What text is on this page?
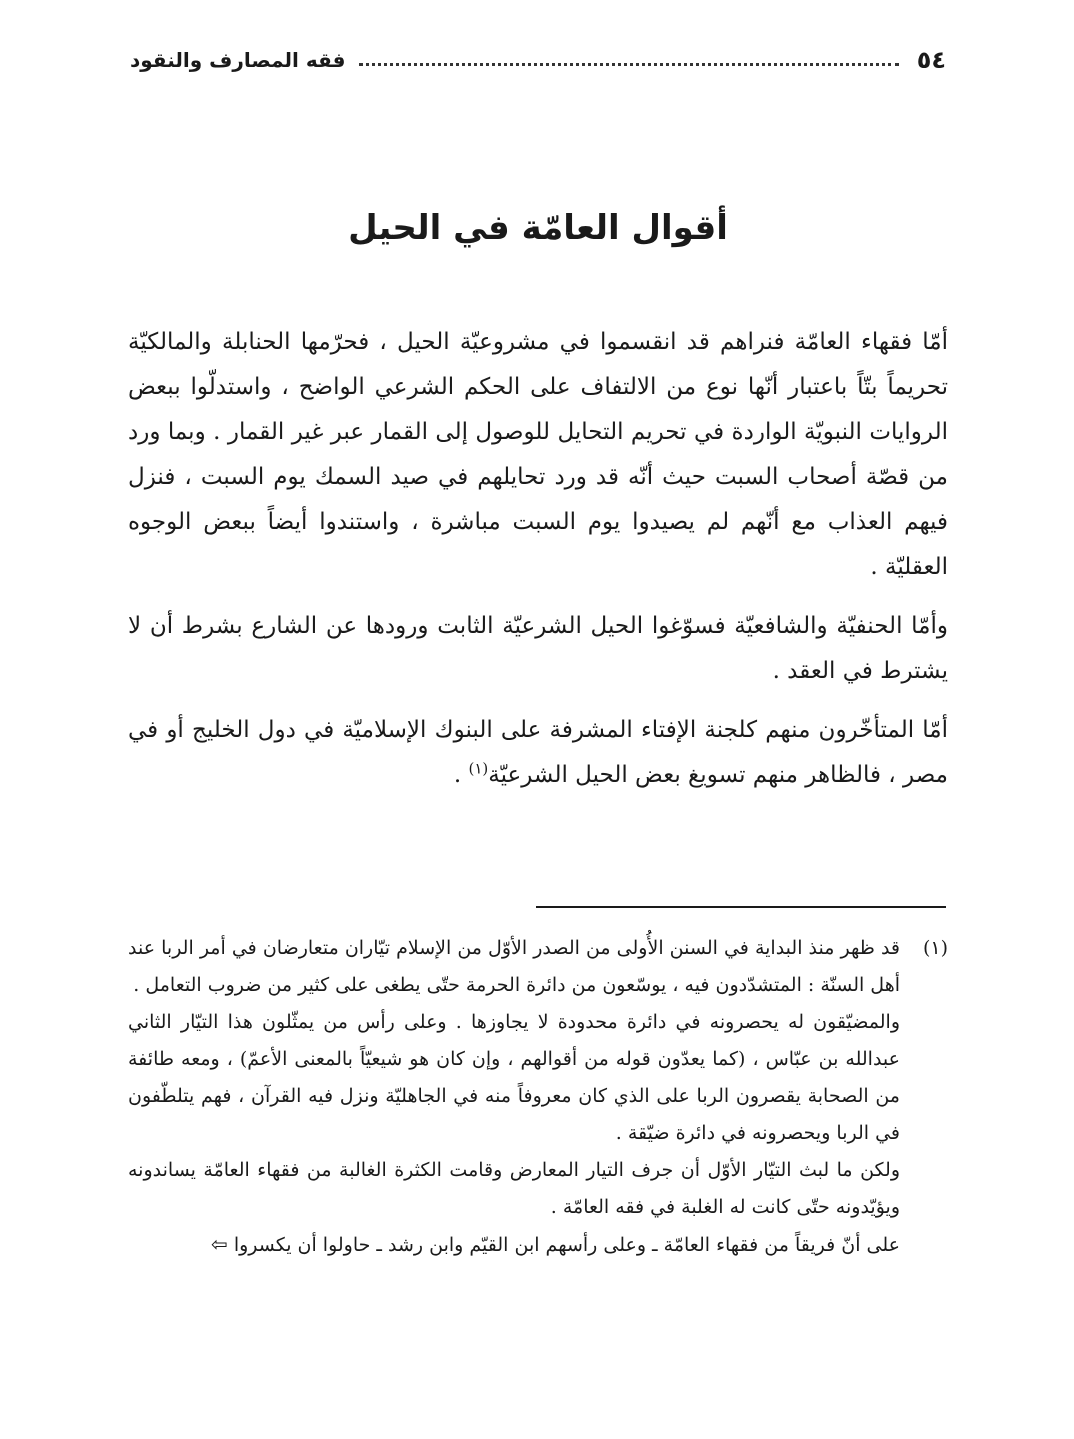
٥٤
فقه المصارف والنقود
أقوال العامّة في الحيل

أمّا فقهاء العامّة فنراهم قد انقسموا في مشروعيّة الحيل ، فحرّمها الحنابلة والمالكيّة تحريماً بتّاً باعتبار أنّها نوع من الالتفاف على الحكم الشرعي الواضح ، واستدلّوا ببعض الروايات النبويّة الواردة في تحريم التحايل للوصول إلى القمار عبر غير القمار . وبما ورد من قصّة أصحاب السبت حيث أنّه قد ورد تحايلهم في صيد السمك يوم السبت ، فنزل فيهم العذاب مع أنّهم لم يصيدوا يوم السبت مباشرة ، واستندوا أيضاً ببعض الوجوه العقليّة .

وأمّا الحنفيّة والشافعيّة فسوّغوا الحيل الشرعيّة الثابت ورودها عن الشارع بشرط أن لا يشترط في العقد .

أمّا المتأخّرون منهم كلجنة الإفتاء المشرفة على البنوك الإسلاميّة في دول الخليج أو في مصر ، فالظاهر منهم تسويغ بعض الحيل الشرعيّة$^{(١)}$ .

(١)
قد ظهر منذ البداية في السنن الأُولى من الصدر الأوّل من الإسلام تيّاران متعارضان في أمر الربا عند أهل السنّة : المتشدّدون فيه ، يوسّعون من دائرة الحرمة حتّى يطغى على كثير من ضروب التعامل .

والمضيّقون له يحصرونه في دائرة محدودة لا يجاوزها . وعلى رأس من يمثّلون هذا التيّار الثاني عبدالله بن عبّاس ، (كما يعدّون قوله من أقوالهم ، وإن كان هو شيعيّاً بالمعنى الأعمّ) ، ومعه طائفة من الصحابة يقصرون الربا على الذي كان معروفاً منه في الجاهليّة ونزل فيه القرآن ، فهم يتلطّفون في الربا ويحصرونه في دائرة ضيّقة .

ولكن ما لبث التيّار الأوّل أن جرف التيار المعارض وقامت الكثرة الغالبة من فقهاء العامّة يساندونه ويؤيّدونه حتّى كانت له الغلبة في فقه العامّة .

على أنّ فريقاً من فقهاء العامّة ـ وعلى رأسهم ابن القيّم وابن رشد ـ حاولوا أن يكسروا⇦
